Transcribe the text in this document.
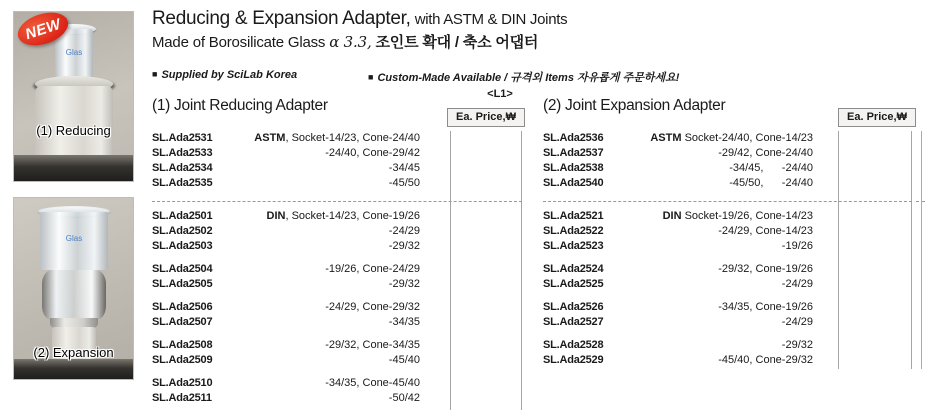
Glas
(1) Reducing
NEW
Glas
(2) Expansion
Reducing & Expansion Adapter, with ASTM & DIN Joints
Made of Borosilicate Glass α 3.3, 조인트 확대 / 축소 어댑터
■ Supplied by SciLab Korea	■ Custom-Made Available / 규격외 Items 자유롭게 주문하세요!
<L1>
(1) Joint Reducing Adapter
Ea. Price,₩
SL.Ada2531	ASTM, Socket-14/23, Cone-24/40
SL.Ada2533	-24/40, Cone-29/42
SL.Ada2534	-34/45
SL.Ada2535	-45/50
SL.Ada2501	DIN, Socket-14/23, Cone-19/26
SL.Ada2502	-24/29
SL.Ada2503	-29/32
SL.Ada2504	-19/26, Cone-24/29
SL.Ada2505	-29/32
SL.Ada2506	-24/29, Cone-29/32
SL.Ada2507	-34/35
SL.Ada2508	-29/32, Cone-34/35
SL.Ada2509	-45/40
SL.Ada2510	-34/35, Cone-45/40
SL.Ada2511	-50/42
(2) Joint Expansion Adapter
Ea. Price,₩
SL.Ada2536	ASTM Socket-24/40, Cone-14/23
SL.Ada2537	-29/42, Cone-24/40
SL.Ada2538	-34/45,      -24/40
SL.Ada2540	-45/50,      -24/40
SL.Ada2521	DIN Socket-19/26, Cone-14/23
SL.Ada2522	-24/29, Cone-14/23
SL.Ada2523	-19/26
SL.Ada2524	-29/32, Cone-19/26
SL.Ada2525	-24/29
SL.Ada2526	-34/35, Cone-19/26
SL.Ada2527	-24/29
SL.Ada2528	-29/32
SL.Ada2529	-45/40, Cone-29/32
